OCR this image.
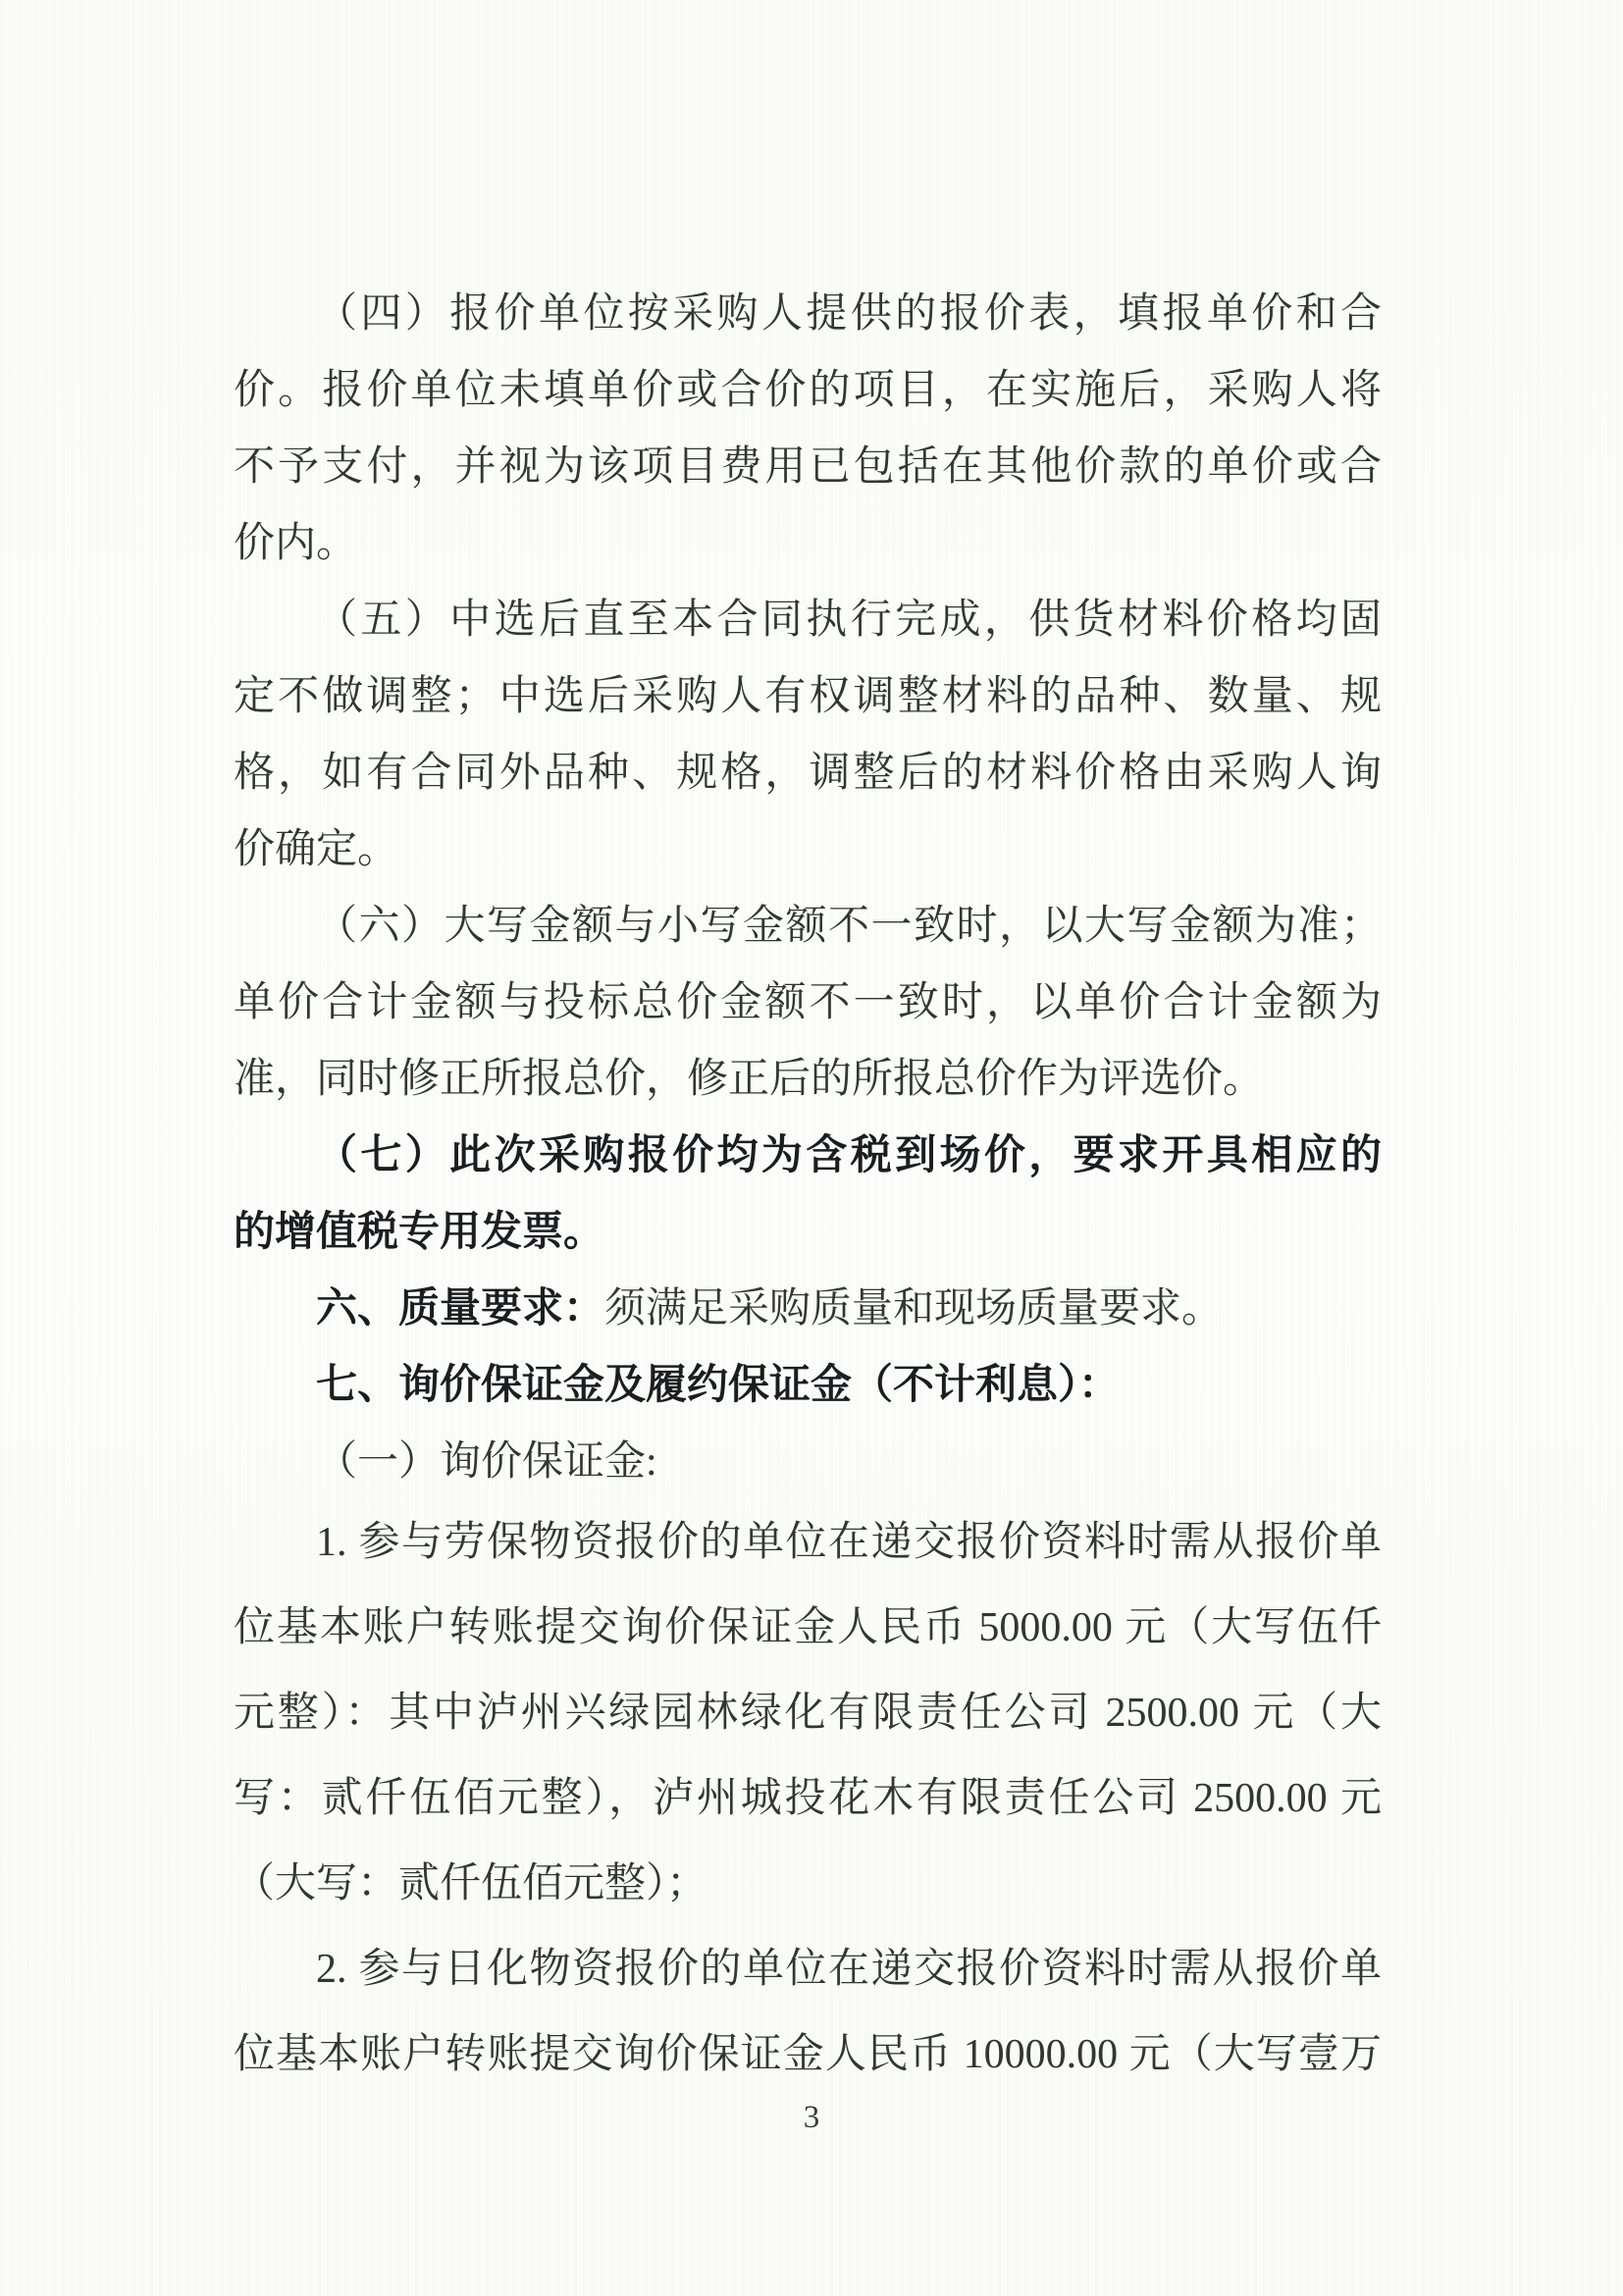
（四）报价单位按采购人提供的报价表，填报单价和合
价。报价单位未填单价或合价的项目，在实施后，采购人将
不予支付，并视为该项目费用已包括在其他价款的单价或合
价内。
（五）中选后直至本合同执行完成，供货材料价格均固
定不做调整；中选后采购人有权调整材料的品种、数量、规
格，如有合同外品种、规格，调整后的材料价格由采购人询
价确定。
（六）大写金额与小写金额不一致时，以大写金额为准；
单价合计金额与投标总价金额不一致时，以单价合计金额为
准，同时修正所报总价，修正后的所报总价作为评选价。
（七）此次采购报价均为含税到场价，要求开具相应的
的增值税专用发票。
六、质量要求：须满足采购质量和现场质量要求。
七、询价保证金及履约保证金（不计利息）：
（一）询价保证金:
1. 参与劳保物资报价的单位在递交报价资料时需从报价单
位基本账户转账提交询价保证金人民币 5000.00 元（大写伍仟
元整）：其中泸州兴绿园林绿化有限责任公司 2500.00 元（大
写：贰仟伍佰元整），泸州城投花木有限责任公司 2500.00 元
（大写：贰仟伍佰元整）；
2. 参与日化物资报价的单位在递交报价资料时需从报价单
位基本账户转账提交询价保证金人民币 10000.00 元（大写壹万
3
